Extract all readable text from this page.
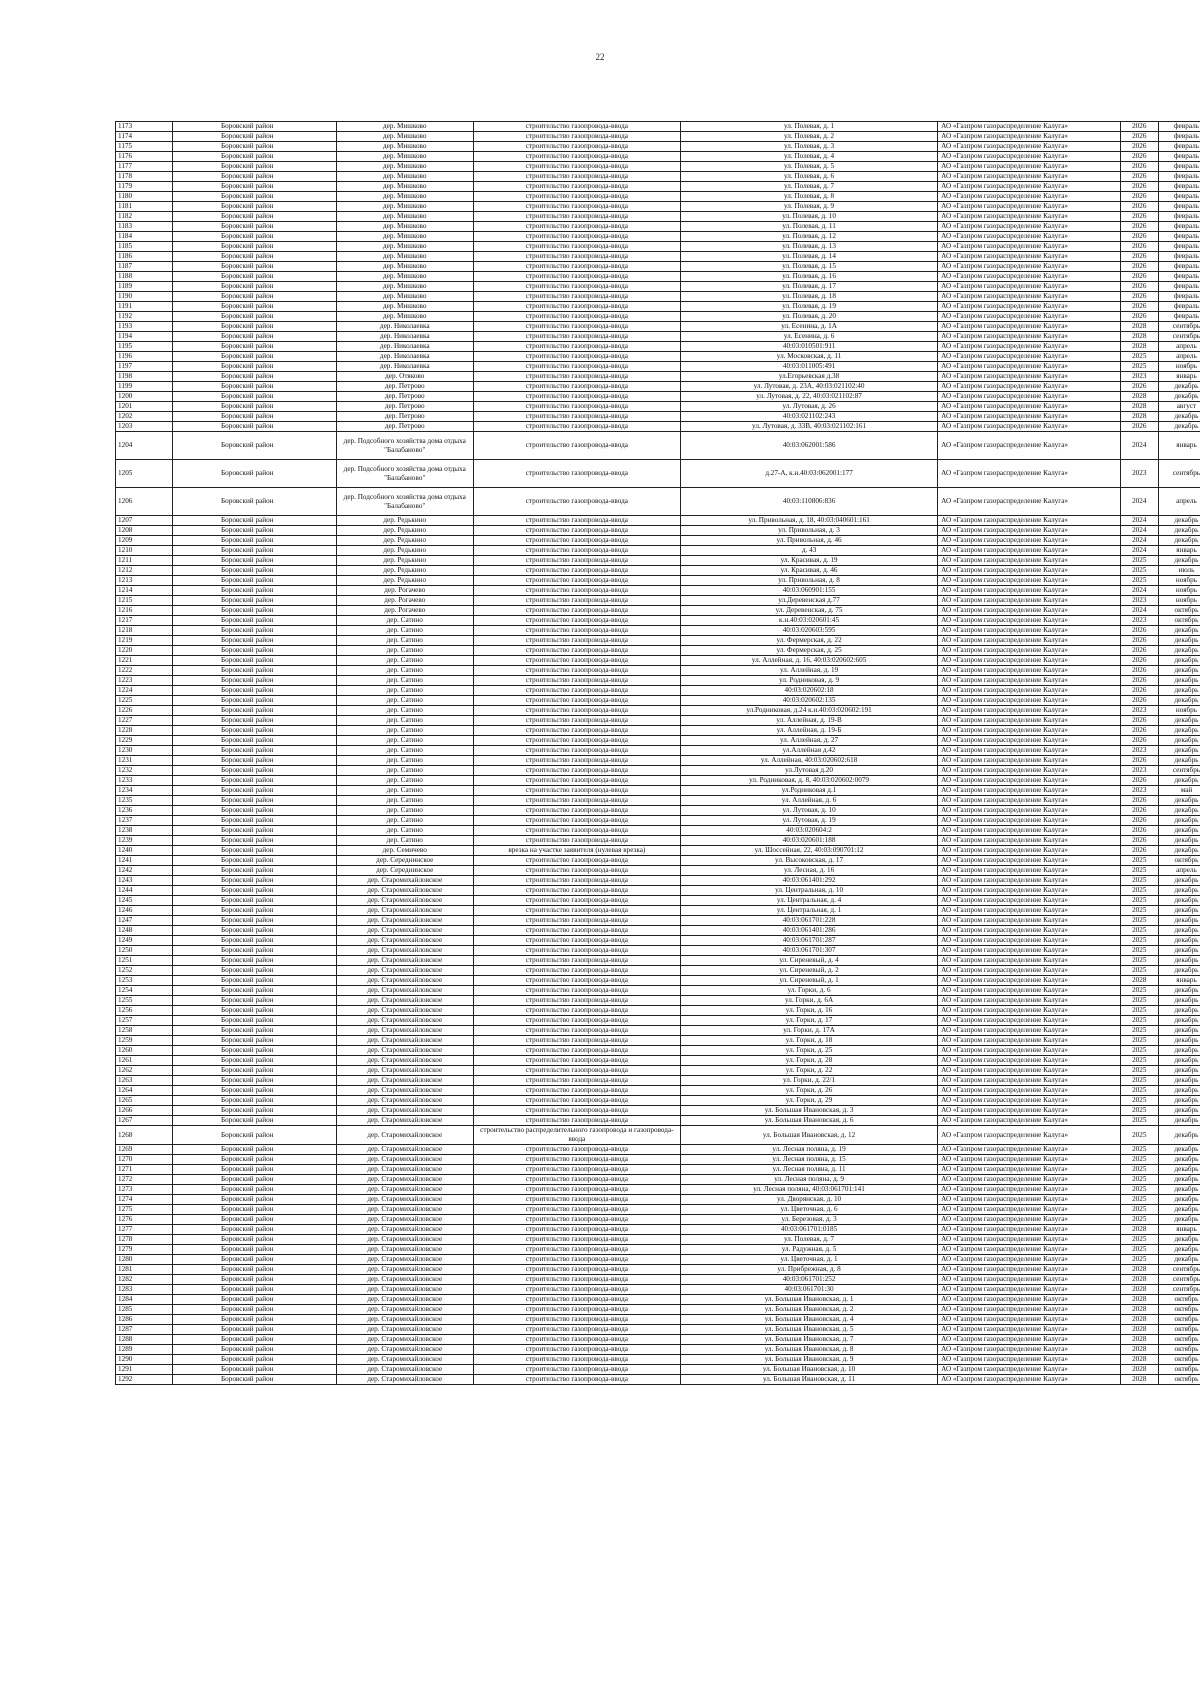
22
1173	Боровский район	дер. Мишково	строительство газопровода-ввода	ул. Полевая, д. 1	АО «Газпром газораспределение Калуга»	2026	февраль
1174	Боровский район	дер. Мишково	строительство газопровода-ввода	ул. Полевая, д. 2	АО «Газпром газораспределение Калуга»	2026	февраль
1175	Боровский район	дер. Мишково	строительство газопровода-ввода	ул. Полевая, д. 3	АО «Газпром газораспределение Калуга»	2026	февраль
1176	Боровский район	дер. Мишково	строительство газопровода-ввода	ул. Полевая, д. 4	АО «Газпром газораспределение Калуга»	2026	февраль
1177	Боровский район	дер. Мишково	строительство газопровода-ввода	ул. Полевая, д. 5	АО «Газпром газораспределение Калуга»	2026	февраль
1178	Боровский район	дер. Мишково	строительство газопровода-ввода	ул. Полевая, д. 6	АО «Газпром газораспределение Калуга»	2026	февраль
1179	Боровский район	дер. Мишково	строительство газопровода-ввода	ул. Полевая, д. 7	АО «Газпром газораспределение Калуга»	2026	февраль
1180	Боровский район	дер. Мишково	строительство газопровода-ввода	ул. Полевая, д. 8	АО «Газпром газораспределение Калуга»	2026	февраль
1181	Боровский район	дер. Мишково	строительство газопровода-ввода	ул. Полевая, д. 9	АО «Газпром газораспределение Калуга»	2026	февраль
1182	Боровский район	дер. Мишково	строительство газопровода-ввода	ул. Полевая, д. 10	АО «Газпром газораспределение Калуга»	2026	февраль
1183	Боровский район	дер. Мишково	строительство газопровода-ввода	ул. Полевая, д. 11	АО «Газпром газораспределение Калуга»	2026	февраль
1184	Боровский район	дер. Мишково	строительство газопровода-ввода	ул. Полевая, д. 12	АО «Газпром газораспределение Калуга»	2026	февраль
1185	Боровский район	дер. Мишково	строительство газопровода-ввода	ул. Полевая, д. 13	АО «Газпром газораспределение Калуга»	2026	февраль
1186	Боровский район	дер. Мишково	строительство газопровода-ввода	ул. Полевая, д. 14	АО «Газпром газораспределение Калуга»	2026	февраль
1187	Боровский район	дер. Мишково	строительство газопровода-ввода	ул. Полевая, д. 15	АО «Газпром газораспределение Калуга»	2026	февраль
1188	Боровский район	дер. Мишково	строительство газопровода-ввода	ул. Полевая, д. 16	АО «Газпром газораспределение Калуга»	2026	февраль
1189	Боровский район	дер. Мишково	строительство газопровода-ввода	ул. Полевая, д. 17	АО «Газпром газораспределение Калуга»	2026	февраль
1190	Боровский район	дер. Мишково	строительство газопровода-ввода	ул. Полевая, д. 18	АО «Газпром газораспределение Калуга»	2026	февраль
1191	Боровский район	дер. Мишково	строительство газопровода-ввода	ул. Полевая, д. 19	АО «Газпром газораспределение Калуга»	2026	февраль
1192	Боровский район	дер. Мишково	строительство газопровода-ввода	ул. Полевая, д. 20	АО «Газпром газораспределение Калуга»	2026	февраль
1193	Боровский район	дер. Николаевка	строительство газопровода-ввода	ул. Есенина, д. 1А	АО «Газпром газораспределение Калуга»	2028	сентябрь
1194	Боровский район	дер. Николаевка	строительство газопровода-ввода	ул. Есенина, д. 6	АО «Газпром газораспределение Калуга»	2028	сентябрь
1195	Боровский район	дер. Николаевка	строительство газопровода-ввода	40:03:010501:911	АО «Газпром газораспределение Калуга»	2028	апрель
1196	Боровский район	дер. Николаевка	строительство газопровода-ввода	ул. Московская, д. 11	АО «Газпром газораспределение Калуга»	2025	апрель
1197	Боровский район	дер. Николаевка	строительство газопровода-ввода	40:03:011005:491	АО «Газпром газораспределение Калуга»	2025	ноябрь
1198	Боровский район	дер. Отяково	строительство газопровода-ввода	ул.Егорьевская д.38	АО «Газпром газораспределение Калуга»	2023	январь
1199	Боровский район	дер. Петрово	строительство газопровода-ввода	ул. Лутовая, д. 23А, 40:03:021102:40	АО «Газпром газораспределение Калуга»	2026	декабрь
1200	Боровский район	дер. Петрово	строительство газопровода-ввода	ул. Лутовая, д. 22, 40:03:021102:87	АО «Газпром газораспределение Калуга»	2028	декабрь
1201	Боровский район	дер. Петрово	строительство газопровода-ввода	ул. Лутовая, д. 26	АО «Газпром газораспределение Калуга»	2028	август
1202	Боровский район	дер. Петрово	строительство газопровода-ввода	40:03:021102:243	АО «Газпром газораспределение Калуга»	2028	декабрь
1203	Боровский район	дер. Петрово	строительство газопровода-ввода	ул. Лутовая, д. 33В, 40:03:021102:161	АО «Газпром газораспределение Калуга»	2026	декабрь
1204	Боровский район	дер. Подсобного хозяйства дома отдыха "Балабаново"	строительство газопровода-ввода	40:03:062001:586	АО «Газпром газораспределение Калуга»	2024	январь
1205	Боровский район	дер. Подсобного хозяйства дома отдыха "Балабаново"	строительство газопровода-ввода	д.27-А, к.н.40:03:062001:177	АО «Газпром газораспределение Калуга»	2023	сентябрь
1206	Боровский район	дер. Подсобного хозяйства дома отдыха "Балабаново"	строительство газопровода-ввода	40:03:110806:836	АО «Газпром газораспределение Калуга»	2024	апрель
1207	Боровский район	дер. Редькино	строительство газопровода-ввода	ул. Привольная, д. 18, 40:03:040601:161	АО «Газпром газораспределение Калуга»	2024	декабрь
1208	Боровский район	дер. Редькино	строительство газопровода-ввода	ул. Привольная, д. 3	АО «Газпром газораспределение Калуга»	2024	декабрь
1209	Боровский район	дер. Редькино	строительство газопровода-ввода	ул. Привольная, д. 46	АО «Газпром газораспределение Калуга»	2024	декабрь
1210	Боровский район	дер. Редькино	строительство газопровода-ввода	д. 43	АО «Газпром газораспределение Калуга»	2024	январь
1211	Боровский район	дер. Редькино	строительство газопровода-ввода	ул. Красивая, д. 19	АО «Газпром газораспределение Калуга»	2025	декабрь
1212	Боровский район	дер. Редькино	строительство газопровода-ввода	ул. Красивая, д. 46	АО «Газпром газораспределение Калуга»	2025	июль
1213	Боровский район	дер. Редькино	строительство газопровода-ввода	ул. Привольная, д. 8	АО «Газпром газораспределение Калуга»	2025	ноябрь
1214	Боровский район	дер. Рогачево	строительство газопровода-ввода	40:03:060901:155	АО «Газпром газораспределение Калуга»	2024	ноябрь
1215	Боровский район	дер. Рогачево	строительство газопровода-ввода	ул.Деревенская д.77	АО «Газпром газораспределение Калуга»	2023	ноябрь
1216	Боровский район	дер. Рогачево	строительство газопровода-ввода	ул. Деревенская, д. 75	АО «Газпром газораспределение Калуга»	2024	октябрь
1217	Боровский район	дер. Сатино	строительство газопровода-ввода	к.н.40:03:020601:45	АО «Газпром газораспределение Калуга»	2023	октябрь
1218	Боровский район	дер. Сатино	строительство газопровода-ввода	40:03:020603:595	АО «Газпром газораспределение Калуга»	2026	декабрь
1219	Боровский район	дер. Сатино	строительство газопровода-ввода	ул. Фермерская, д. 22	АО «Газпром газораспределение Калуга»	2026	декабрь
1220	Боровский район	дер. Сатино	строительство газопровода-ввода	ул. Фермерская, д. 25	АО «Газпром газораспределение Калуга»	2026	декабрь
1221	Боровский район	дер. Сатино	строительство газопровода-ввода	ул. Аллейная, д. 16, 40:03:020602:605	АО «Газпром газораспределение Калуга»	2026	декабрь
1222	Боровский район	дер. Сатино	строительство газопровода-ввода	ул. Аллейная, д. 19	АО «Газпром газораспределение Калуга»	2026	декабрь
1223	Боровский район	дер. Сатино	строительство газопровода-ввода	ул. Родниковая, д. 9	АО «Газпром газораспределение Калуга»	2026	декабрь
1224	Боровский район	дер. Сатино	строительство газопровода-ввода	40:03:020602:18	АО «Газпром газораспределение Калуга»	2026	декабрь
1225	Боровский район	дер. Сатино	строительство газопровода-ввода	40:03:020602:135	АО «Газпром газораспределение Калуга»	2026	декабрь
1226	Боровский район	дер. Сатино	строительство газопровода-ввода	ул.Родниковая, д.24 к.н.40:03:020602:191	АО «Газпром газораспределение Калуга»	2023	ноябрь
1227	Боровский район	дер. Сатино	строительство газопровода-ввода	ул. Аллейная, д. 19-В	АО «Газпром газораспределение Калуга»	2026	декабрь
1228	Боровский район	дер. Сатино	строительство газопровода-ввода	ул. Аллейная, д. 19-Б	АО «Газпром газораспределение Калуга»	2026	декабрь
1229	Боровский район	дер. Сатино	строительство газопровода-ввода	ул. Аллейная, д. 27	АО «Газпром газораспределение Калуга»	2026	декабрь
1230	Боровский район	дер. Сатино	строительство газопровода-ввода	ул.Аллейная д.42	АО «Газпром газораспределение Калуга»	2023	декабрь
1231	Боровский район	дер. Сатино	строительство газопровода-ввода	ул. Аллейная, 40:03:020602:618	АО «Газпром газораспределение Калуга»	2026	декабрь
1232	Боровский район	дер. Сатино	строительство газопровода-ввода	ул.Лутовая д.20	АО «Газпром газораспределение Калуга»	2023	сентябрь
1233	Боровский район	дер. Сатино	строительство газопровода-ввода	ул. Родниковая, д. 8, 40:03:020602:0079	АО «Газпром газораспределение Калуга»	2026	декабрь
1234	Боровский район	дер. Сатино	строительство газопровода-ввода	ул.Родниковая д.1	АО «Газпром газораспределение Калуга»	2023	май
1235	Боровский район	дер. Сатино	строительство газопровода-ввода	ул. Аллейная, д. 6	АО «Газпром газораспределение Калуга»	2026	декабрь
1236	Боровский район	дер. Сатино	строительство газопровода-ввода	ул. Лутовая, д. 10	АО «Газпром газораспределение Калуга»	2026	декабрь
1237	Боровский район	дер. Сатино	строительство газопровода-ввода	ул. Лутовая, д. 19	АО «Газпром газораспределение Калуга»	2026	декабрь
1238	Боровский район	дер. Сатино	строительство газопровода-ввода	40:03:020604:2	АО «Газпром газораспределение Калуга»	2026	декабрь
1239	Боровский район	дер. Сатино	строительство газопровода-ввода	40:03:020601:188	АО «Газпром газораспределение Калуга»	2026	декабрь
1240	Боровский район	дер. Семичево	врезка на участке заявителя (нулевая врезка)	ул. Шоссейная, 22, 40:03:090701:12	АО «Газпром газораспределение Калуга»	2026	декабрь
1241	Боровский район	дер. Середнинское	строительство газопровода-ввода	ул. Высоковская, д. 17	АО «Газпром газораспределение Калуга»	2025	октябрь
1242	Боровский район	дер. Середнинское	строительство газопровода-ввода	ул. Лесная, д. 16	АО «Газпром газораспределение Калуга»	2025	апрель
1243	Боровский район	дер. Старомихайловское	строительство газопровода-ввода	40:03:061401:292	АО «Газпром газораспределение Калуга»	2025	декабрь
1244	Боровский район	дер. Старомихайловское	строительство газопровода-ввода	ул. Центральная, д. 10	АО «Газпром газораспределение Калуга»	2025	декабрь
1245	Боровский район	дер. Старомихайловское	строительство газопровода-ввода	ул. Центральная, д. 4	АО «Газпром газораспределение Калуга»	2025	декабрь
1246	Боровский район	дер. Старомихайловское	строительство газопровода-ввода	ул. Центральная, д. 1	АО «Газпром газораспределение Калуга»	2025	декабрь
1247	Боровский район	дер. Старомихайловское	строительство газопровода-ввода	40:03:061701:228	АО «Газпром газораспределение Калуга»	2025	декабрь
1248	Боровский район	дер. Старомихайловское	строительство газопровода-ввода	40:03:061401:286	АО «Газпром газораспределение Калуга»	2025	декабрь
1249	Боровский район	дер. Старомихайловское	строительство газопровода-ввода	40:03:061701:287	АО «Газпром газораспределение Калуга»	2025	декабрь
1250	Боровский район	дер. Старомихайловское	строительство газопровода-ввода	40:03:061701:307	АО «Газпром газораспределение Калуга»	2025	декабрь
1251	Боровский район	дер. Старомихайловское	строительство газопровода-ввода	ул. Сиреневый, д. 4	АО «Газпром газораспределение Калуга»	2025	декабрь
1252	Боровский район	дер. Старомихайловское	строительство газопровода-ввода	ул. Сиреневый, д. 2	АО «Газпром газораспределение Калуга»	2025	декабрь
1253	Боровский район	дер. Старомихайловское	строительство газопровода-ввода	ул. Сиреневый, д. 1	АО «Газпром газораспределение Калуга»	2028	январь
1254	Боровский район	дер. Старомихайловское	строительство газопровода-ввода	ул. Горки, д. 6	АО «Газпром газораспределение Калуга»	2025	декабрь
1255	Боровский район	дер. Старомихайловское	строительство газопровода-ввода	ул. Горки, д. 6А	АО «Газпром газораспределение Калуга»	2025	декабрь
1256	Боровский район	дер. Старомихайловское	строительство газопровода-ввода	ул. Горки, д. 16	АО «Газпром газораспределение Калуга»	2025	декабрь
1257	Боровский район	дер. Старомихайловское	строительство газопровода-ввода	ул. Горки, д. 17	АО «Газпром газораспределение Калуга»	2025	декабрь
1258	Боровский район	дер. Старомихайловское	строительство газопровода-ввода	ул. Горки, д. 17А	АО «Газпром газораспределение Калуга»	2025	декабрь
1259	Боровский район	дер. Старомихайловское	строительство газопровода-ввода	ул. Горки, д. 18	АО «Газпром газораспределение Калуга»	2025	декабрь
1260	Боровский район	дер. Старомихайловское	строительство газопровода-ввода	ул. Горки, д. 25	АО «Газпром газораспределение Калуга»	2025	декабрь
1261	Боровский район	дер. Старомихайловское	строительство газопровода-ввода	ул. Горки, д. 28	АО «Газпром газораспределение Калуга»	2025	декабрь
1262	Боровский район	дер. Старомихайловское	строительство газопровода-ввода	ул. Горки, д. 22	АО «Газпром газораспределение Калуга»	2025	декабрь
1263	Боровский район	дер. Старомихайловское	строительство газопровода-ввода	ул. Горки, д. 22/1	АО «Газпром газораспределение Калуга»	2025	декабрь
1264	Боровский район	дер. Старомихайловское	строительство газопровода-ввода	ул. Горки, д. 26	АО «Газпром газораспределение Калуга»	2025	декабрь
1265	Боровский район	дер. Старомихайловское	строительство газопровода-ввода	ул. Горки, д. 29	АО «Газпром газораспределение Калуга»	2025	декабрь
1266	Боровский район	дер. Старомихайловское	строительство газопровода-ввода	ул. Большая Ивановская, д. 3	АО «Газпром газораспределение Калуга»	2025	декабрь
1267	Боровский район	дер. Старомихайловское	строительство газопровода-ввода	ул. Большая Ивановская, д. 6	АО «Газпром газораспределение Калуга»	2025	декабрь
1268	Боровский район	дер. Старомихайловское	строительство распределительного газопровода и газопровода-ввода	ул. Большая Ивановская, д. 12	АО «Газпром газораспределение Калуга»	2025	декабрь
1269	Боровский район	дер. Старомихайловское	строительство газопровода-ввода	ул. Лесная поляна, д. 19	АО «Газпром газораспределение Калуга»	2025	декабрь
1270	Боровский район	дер. Старомихайловское	строительство газопровода-ввода	ул. Лесная поляна, д. 15	АО «Газпром газораспределение Калуга»	2025	декабрь
1271	Боровский район	дер. Старомихайловское	строительство газопровода-ввода	ул. Лесная поляна, д. 11	АО «Газпром газораспределение Калуга»	2025	декабрь
1272	Боровский район	дер. Старомихайловское	строительство газопровода-ввода	ул. Лесная поляна, д. 9	АО «Газпром газораспределение Калуга»	2025	декабрь
1273	Боровский район	дер. Старомихайловское	строительство газопровода-ввода	ул. Лесная поляна, 40:03:061701:141	АО «Газпром газораспределение Калуга»	2025	декабрь
1274	Боровский район	дер. Старомихайловское	строительство газопровода-ввода	ул. Дворянская, д. 10	АО «Газпром газораспределение Калуга»	2025	декабрь
1275	Боровский район	дер. Старомихайловское	строительство газопровода-ввода	ул. Цветочная, д. 6	АО «Газпром газораспределение Калуга»	2025	декабрь
1276	Боровский район	дер. Старомихайловское	строительство газопровода-ввода	ул. Березовая, д. 3	АО «Газпром газораспределение Калуга»	2025	декабрь
1277	Боровский район	дер. Старомихайловское	строительство газопровода-ввода	40:03:061701:0185	АО «Газпром газораспределение Калуга»	2028	январь
1278	Боровский район	дер. Старомихайловское	строительство газопровода-ввода	ул. Полевая, д. 7	АО «Газпром газораспределение Калуга»	2025	декабрь
1279	Боровский район	дер. Старомихайловское	строительство газопровода-ввода	ул. Радужная, д. 5	АО «Газпром газораспределение Калуга»	2025	декабрь
1280	Боровский район	дер. Старомихайловское	строительство газопровода-ввода	ул. Цветочная, д. 1	АО «Газпром газораспределение Калуга»	2025	декабрь
1281	Боровский район	дер. Старомихайловское	строительство газопровода-ввода	ул. Прибрежная, д. 8	АО «Газпром газораспределение Калуга»	2028	сентябрь
1282	Боровский район	дер. Старомихайловское	строительство газопровода-ввода	40:03:061701:252	АО «Газпром газораспределение Калуга»	2028	сентябрь
1283	Боровский район	дер. Старомихайловское	строительство газопровода-ввода	40:03:061701:30	АО «Газпром газораспределение Калуга»	2028	сентябрь
1284	Боровский район	дер. Старомихайловское	строительство газопровода-ввода	ул. Большая Ивановская, д. 1	АО «Газпром газораспределение Калуга»	2028	октябрь
1285	Боровский район	дер. Старомихайловское	строительство газопровода-ввода	ул. Большая Ивановская, д. 2	АО «Газпром газораспределение Калуга»	2028	октябрь
1286	Боровский район	дер. Старомихайловское	строительство газопровода-ввода	ул. Большая Ивановская, д. 4	АО «Газпром газораспределение Калуга»	2028	октябрь
1287	Боровский район	дер. Старомихайловское	строительство газопровода-ввода	ул. Большая Ивановская, д. 5	АО «Газпром газораспределение Калуга»	2028	октябрь
1288	Боровский район	дер. Старомихайловское	строительство газопровода-ввода	ул. Большая Ивановская, д. 7	АО «Газпром газораспределение Калуга»	2028	октябрь
1289	Боровский район	дер. Старомихайловское	строительство газопровода-ввода	ул. Большая Ивановская, д. 8	АО «Газпром газораспределение Калуга»	2028	октябрь
1290	Боровский район	дер. Старомихайловское	строительство газопровода-ввода	ул. Большая Ивановская, д. 9	АО «Газпром газораспределение Калуга»	2028	октябрь
1291	Боровский район	дер. Старомихайловское	строительство газопровода-ввода	ул. Большая Ивановская, д. 10	АО «Газпром газораспределение Калуга»	2028	октябрь
1292	Боровский район	дер. Старомихайловское	строительство газопровода-ввода	ул. Большая Ивановская, д. 11	АО «Газпром газораспределение Калуга»	2028	октябрь
